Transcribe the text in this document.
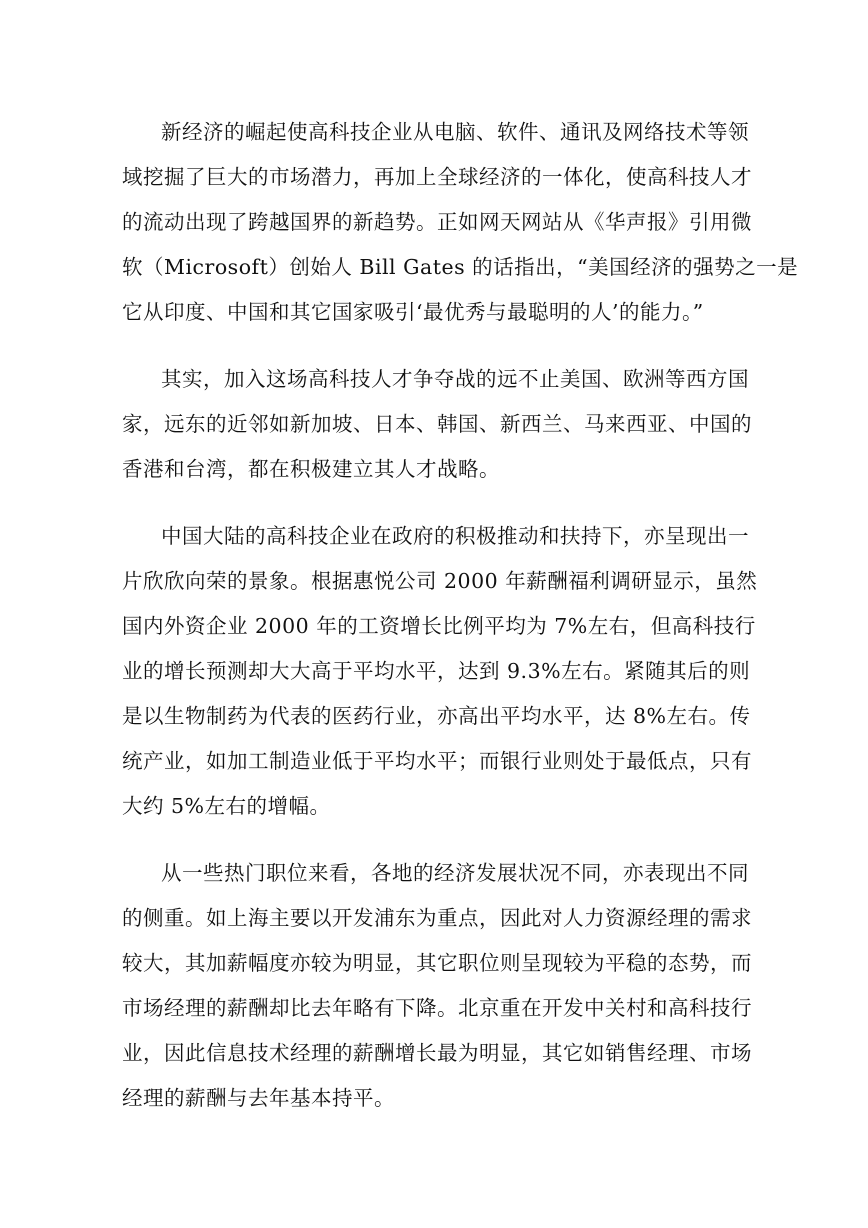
新经济的崛起使高科技企业从电脑、软件、通讯及网络技术等领
域挖掘了巨大的市场潜力，再加上全球经济的一体化，使高科技人才
的流动出现了跨越国界的新趋势。正如网天网站从《华声报》引用微
软（Microsoft）创始人 Bill Gates 的话指出，“美国经济的强势之一是
它从印度、中国和其它国家吸引‘最优秀与最聪明的人’的能力。”
其实，加入这场高科技人才争夺战的远不止美国、欧洲等西方国
家，远东的近邻如新加坡、日本、韩国、新西兰、马来西亚、中国的
香港和台湾，都在积极建立其人才战略。
中国大陆的高科技企业在政府的积极推动和扶持下，亦呈现出一
片欣欣向荣的景象。根据惠悦公司 2000 年薪酬福利调研显示，虽然
国内外资企业 2000 年的工资增长比例平均为 7%左右，但高科技行
业的增长预测却大大高于平均水平，达到 9.3%左右。紧随其后的则
是以生物制药为代表的医药行业，亦高出平均水平，达 8%左右。传
统产业，如加工制造业低于平均水平；而银行业则处于最低点，只有
大约 5%左右的增幅。
从一些热门职位来看，各地的经济发展状况不同，亦表现出不同
的侧重。如上海主要以开发浦东为重点，因此对人力资源经理的需求
较大，其加薪幅度亦较为明显，其它职位则呈现较为平稳的态势，而
市场经理的薪酬却比去年略有下降。北京重在开发中关村和高科技行
业，因此信息技术经理的薪酬增长最为明显，其它如销售经理、市场
经理的薪酬与去年基本持平。
